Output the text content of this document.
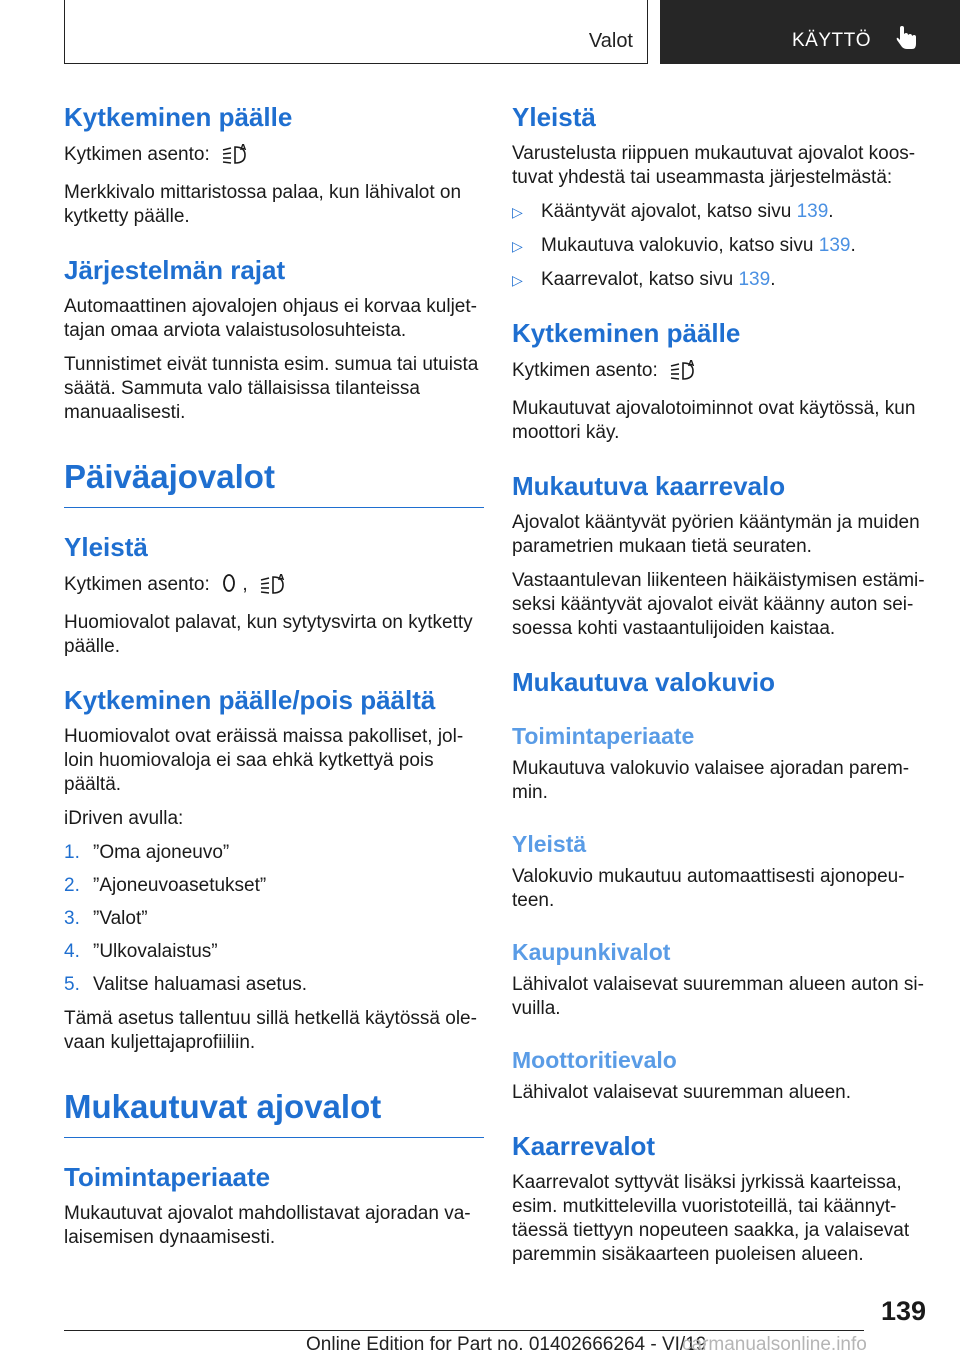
Valot	KÄYTTÖ
Kytkeminen päälle

Kytkimen asento:	A

Merkkivalo mittaristossa palaa, kun lähivalot on kytketty päälle.

Järjestelmän rajat

Automaattinen ajovalojen ohjaus ei korvaa kuljettajan omaa arviota valaistusolosuhteista.

Tunnistimet eivät tunnista esim. sumua tai utuista säätä. Sammuta valo tällaisissa tilanteissa manuaalisesti.

Päiväajovalot
Yleistä

Kytkimen asento: ,	A

Huomiovalot palavat, kun sytytysvirta on kytketty päälle.

Kytkeminen päälle/pois päältä

Huomiovalot ovat eräissä maissa pakolliset, jolloin huomiovaloja ei saa ehkä kytkettyä pois päältä.

iDriven avulla:

1. ”Oma ajoneuvo”
2. ”Ajoneuvoasetukset”
3. ”Valot”
4. ”Ulkovalaistus”
5. Valitse haluamasi asetus.

Tämä asetus tallentuu sillä hetkellä käytössä olevaan kuljettajaprofiiliin.

Mukautuvat ajovalot
Toimintaperiaate

Mukautuvat ajovalot mahdollistavat ajoradan valaisemisen dynaamisesti.

Yleistä

Varustelusta riippuen mukautuvat ajovalot koostuvat yhdestä tai useammasta järjestelmästä:

▷ Kääntyvät ajovalot, katso sivu 139.
▷ Mukautuva valokuvio, katso sivu 139.
▷ Kaarrevalot, katso sivu 139.
Kytkeminen päälle

Kytkimen asento:	A

Mukautuvat ajovalotoiminnot ovat käytössä, kun moottori käy.

Mukautuva kaarrevalo

Ajovalot kääntyvät pyörien kääntymän ja muiden parametrien mukaan tietä seuraten.

Vastaantulevan liikenteen häikäistymisen estämiseksi kääntyvät ajovalot eivät käänny auton seisoessa kohti vastaantulijoiden kaistaa.

Mukautuva valokuvio
Toimintaperiaate

Mukautuva valokuvio valaisee ajoradan paremmin.

Yleistä

Valokuvio mukautuu automaattisesti ajonopeuteen.

Kaupunkivalot

Lähivalot valaisevat suuremman alueen auton sivuilla.

Moottoritievalo

Lähivalot valaisevat suuremman alueen.

Kaarrevalot

Kaarrevalot syttyvät lisäksi jyrkissä kaarteissa, esim. mutkittelevilla vuoristoteillä, tai käännyttäessä tiettyyn nopeuteen saakka, ja valaisevat paremmin sisäkaarteen puoleisen alueen.

139
Online Edition for Part no. 01402666264 - VI/19
carmanualsonline.info
